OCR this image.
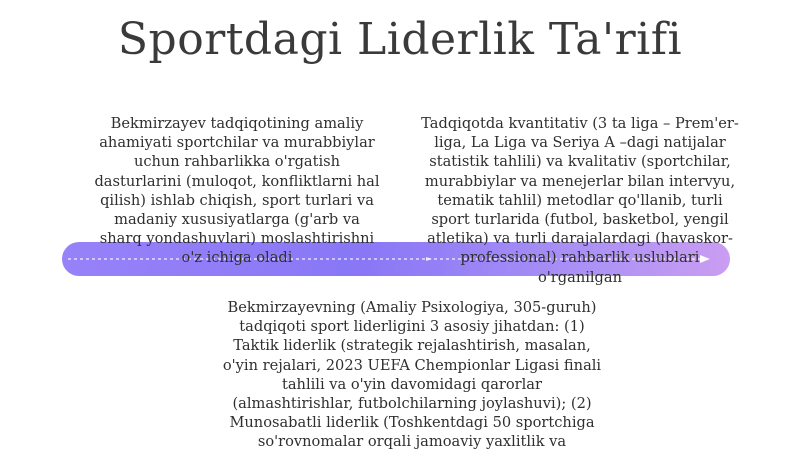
Sportdagi Liderlik Ta'rifi
Bekmirzayev tadqiqotining amaliy ahamiyati sportchilar va murabbiylar uchun rahbarlikka o'rgatish dasturlarini (muloqot, konfliktlarni hal qilish) ishlab chiqish, sport turlari va madaniy xususiyatlarga (g'arb va sharq yondashuvlari) moslashtirishni o'z ichiga oladi
Tadqiqotda kvantitativ (3 ta liga – Prem'er-liga, La Liga va Seriya A –dagi natijalar statistik tahlili) va kvalitativ (sportchilar, murabbiylar va menejerlar bilan intervyu, tematik tahlil) metodlar qo'llanib, turli sport turlarida (futbol, basketbol, yengil atletika) va turli darajalardagi (havaskor-professional) rahbarlik uslublari o'rganilgan
Bekmirzayevning (Amaliy Psixologiya, 305-guruh) tadqiqoti sport liderligini 3 asosiy jihatdan: (1) Taktik liderlik (strategik rejalashtirish, masalan, o'yin rejalari, 2023 UEFA Chempionlar Ligasi finali tahlili va o'yin davomidagi qarorlar (almashtirishlar, futbolchilarning joylashuvi); (2) Munosabatli liderlik (Toshkentdagi 50 sportchiga so'rovnomalar orqali jamoaviy yaxlitlik va
